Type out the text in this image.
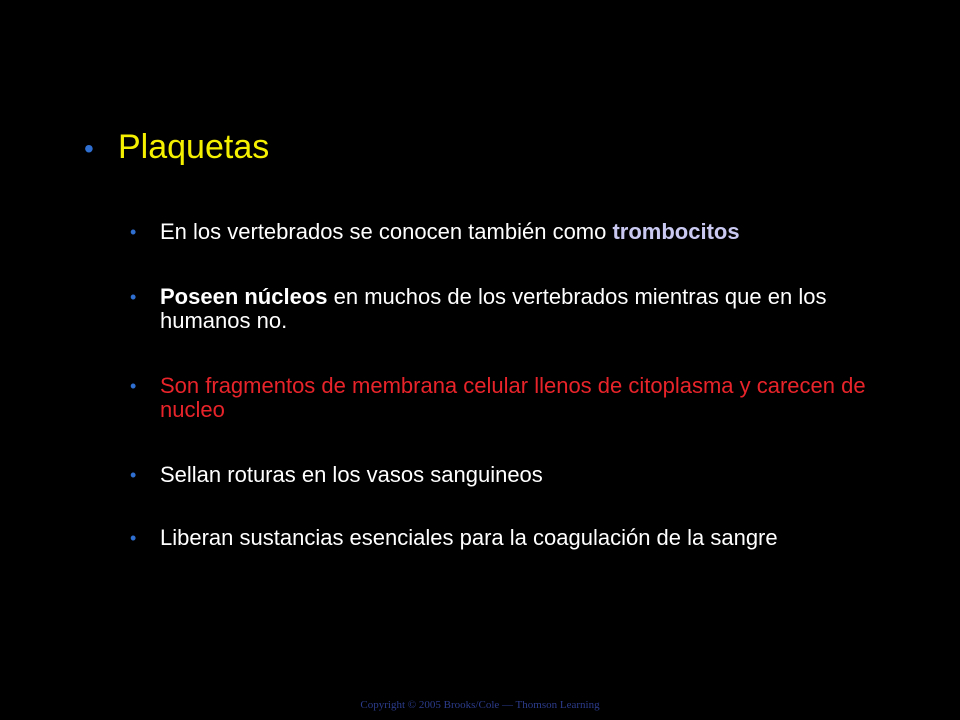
• Plaquetas
•	En los vertebrados se conocen también como trombocitos
•	Poseen núcleos en muchos de los vertebrados mientras que en los humanos no.
•	Son fragmentos de membrana celular llenos de citoplasma y carecen de nucleo
•	Sellan roturas en los vasos sanguineos
•	Liberan sustancias esenciales para la coagulación de la sangre
Copyright © 2005 Brooks/Cole — Thomson Learning
